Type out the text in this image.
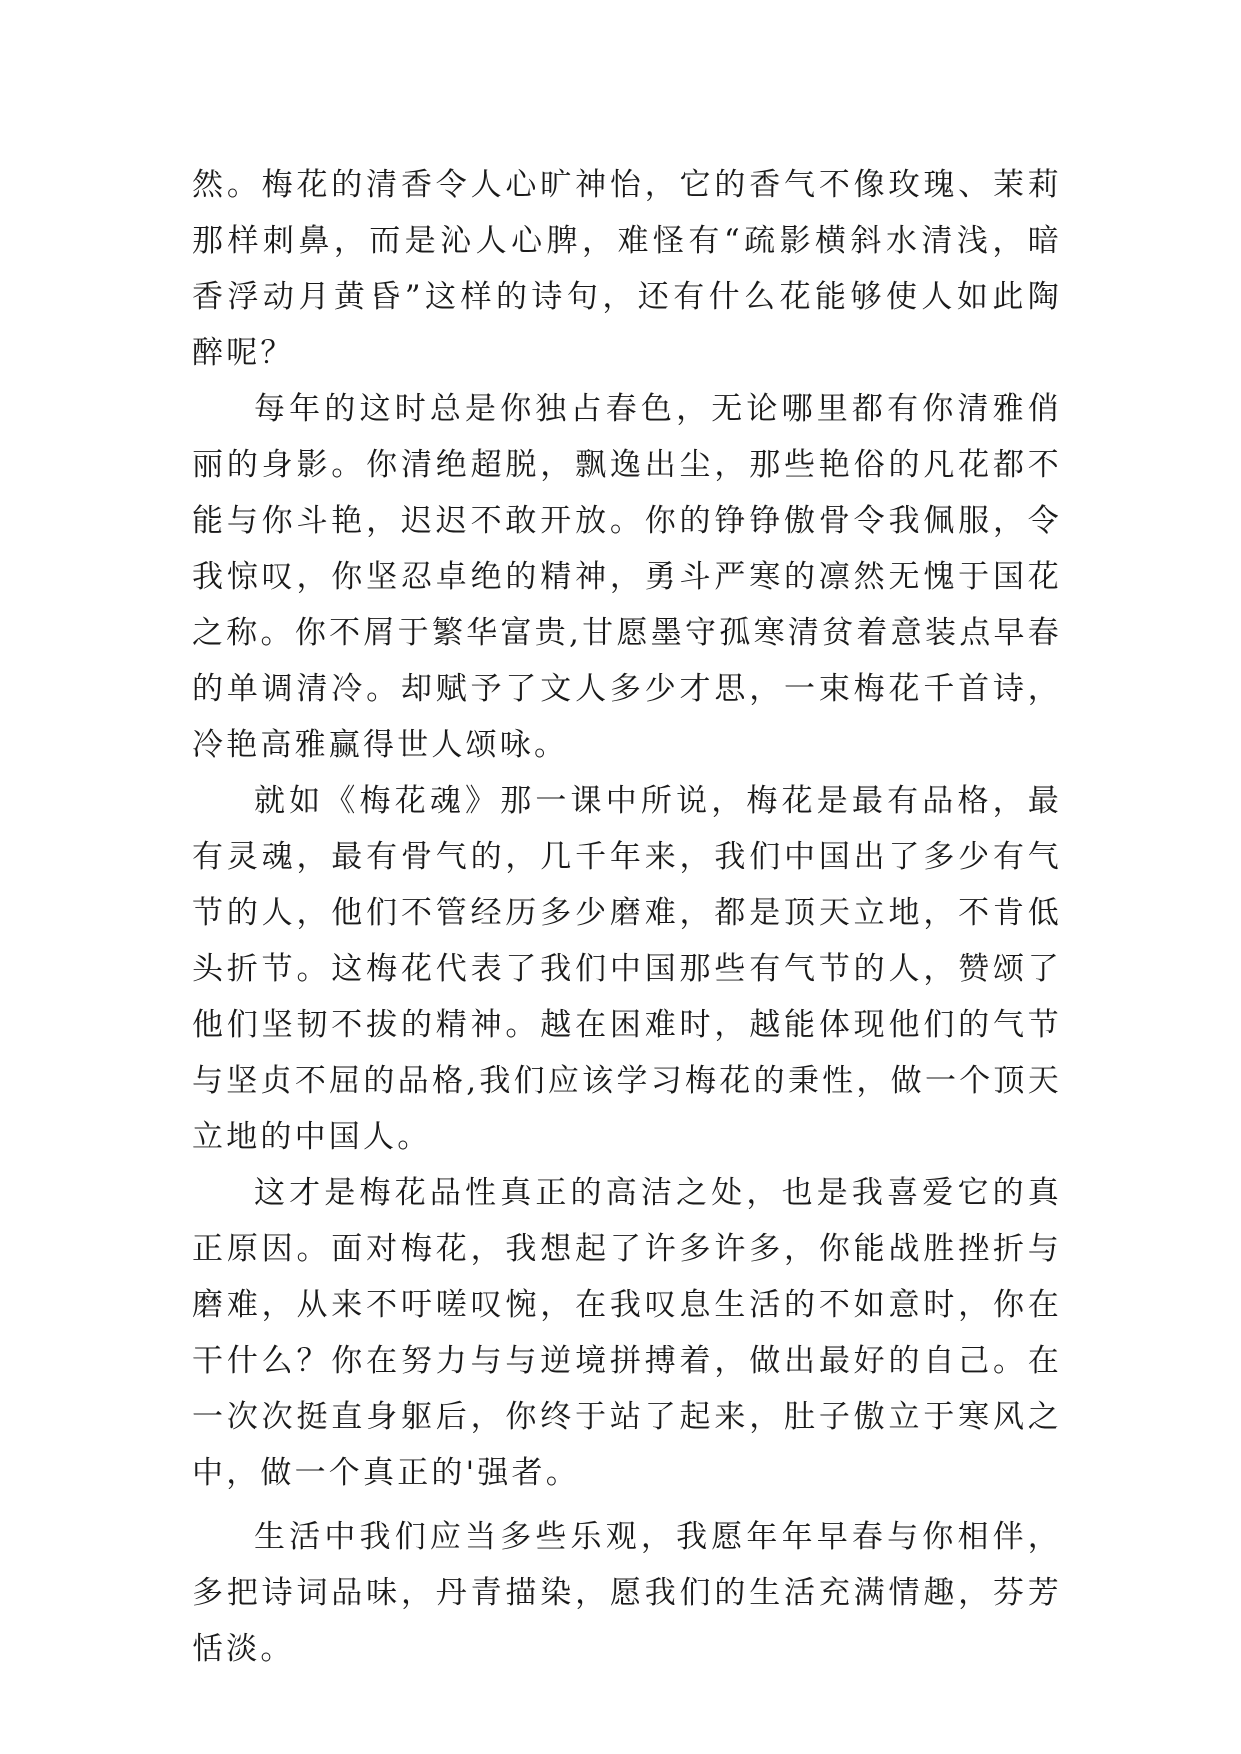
然。梅花的清香令人心旷神怡，它的香气不像玫瑰、茉莉那样刺鼻，而是沁人心脾，难怪有“疏影横斜水清浅，暗香浮动月黄昏”这样的诗句，还有什么花能够使人如此陶醉呢？

每年的这时总是你独占春色，无论哪里都有你清雅俏丽的身影。你清绝超脱，飘逸出尘，那些艳俗的凡花都不能与你斗艳，迟迟不敢开放。你的铮铮傲骨令我佩服，令我惊叹，你坚忍卓绝的精神，勇斗严寒的凛然无愧于国花之称。你不屑于繁华富贵,甘愿墨守孤寒清贫着意装点早春的单调清冷。却赋予了文人多少才思，一束梅花千首诗，冷艳高雅赢得世人颂咏。

就如《梅花魂》那一课中所说，梅花是最有品格，最有灵魂，最有骨气的，几千年来，我们中国出了多少有气节的人，他们不管经历多少磨难，都是顶天立地，不肯低头折节。这梅花代表了我们中国那些有气节的人，赞颂了他们坚韧不拔的精神。越在困难时，越能体现他们的气节与坚贞不屈的品格,我们应该学习梅花的秉性，做一个顶天立地的中国人。

这才是梅花品性真正的高洁之处，也是我喜爱它的真正原因。面对梅花，我想起了许多许多，你能战胜挫折与磨难，从来不吁嗟叹惋，在我叹息生活的不如意时，你在干什么？你在努力与与逆境拼搏着，做出最好的自己。在一次次挺直身躯后，你终于站了起来，肚子傲立于寒风之中，做一个真正的'强者。

生活中我们应当多些乐观，我愿年年早春与你相伴，多把诗词品味，丹青描染，愿我们的生活充满情趣，芬芳恬淡。
